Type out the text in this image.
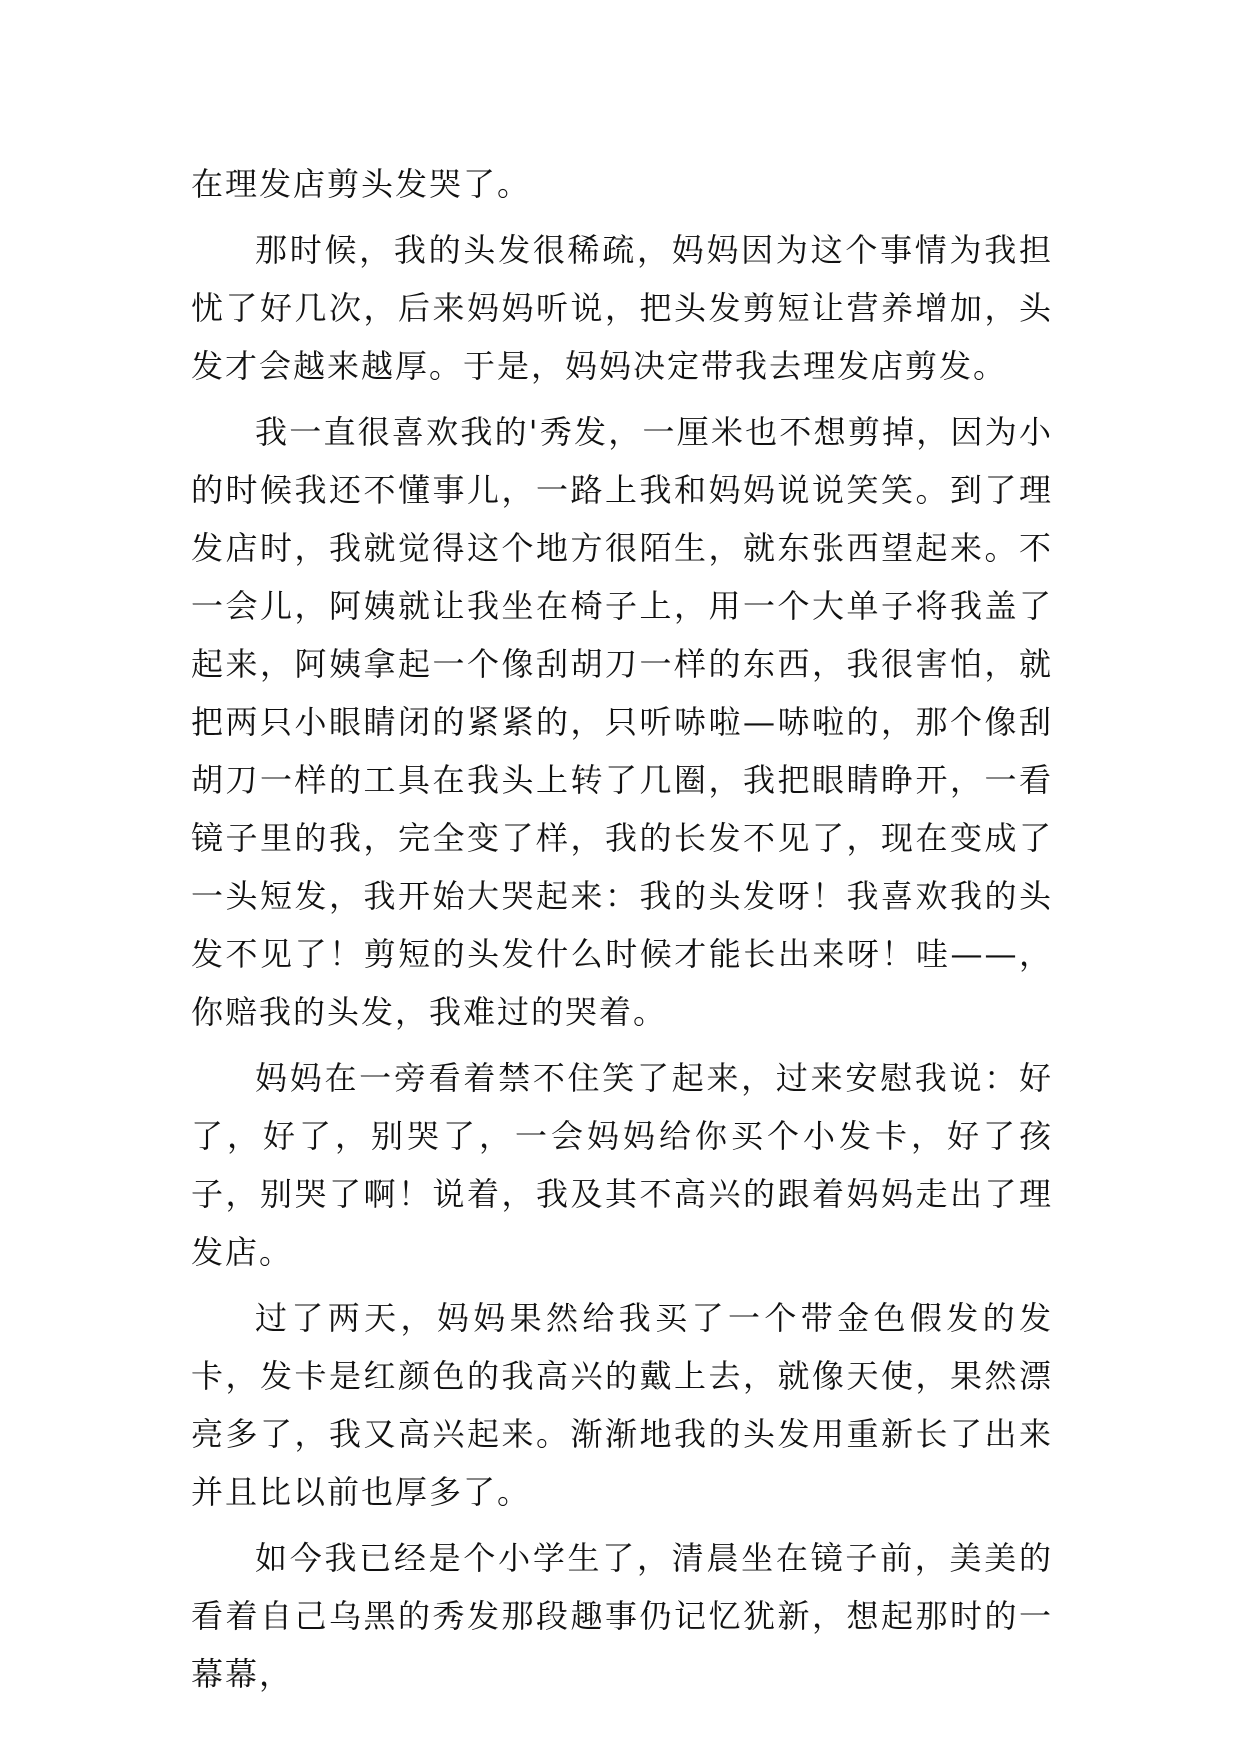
在理发店剪头发哭了。

那时候，我的头发很稀疏，妈妈因为这个事情为我担忧了好几次，后来妈妈听说，把头发剪短让营养增加，头发才会越来越厚。于是，妈妈决定带我去理发店剪发。

我一直很喜欢我的'秀发，一厘米也不想剪掉，因为小的时候我还不懂事儿，一路上我和妈妈说说笑笑。到了理发店时，我就觉得这个地方很陌生，就东张西望起来。不一会儿，阿姨就让我坐在椅子上，用一个大单子将我盖了起来，阿姨拿起一个像刮胡刀一样的东西，我很害怕，就把两只小眼睛闭的紧紧的，只听哧啦—哧啦的，那个像刮胡刀一样的工具在我头上转了几圈，我把眼睛睁开，一看镜子里的我，完全变了样，我的长发不见了，现在变成了一头短发，我开始大哭起来：我的头发呀！我喜欢我的头发不见了！剪短的头发什么时候才能长出来呀！哇——，你赔我的头发，我难过的哭着。

妈妈在一旁看着禁不住笑了起来，过来安慰我说：好了，好了，别哭了，一会妈妈给你买个小发卡，好了孩子，别哭了啊！说着，我及其不高兴的跟着妈妈走出了理发店。

过了两天，妈妈果然给我买了一个带金色假发的发卡，发卡是红颜色的我高兴的戴上去，就像天使，果然漂亮多了，我又高兴起来。渐渐地我的头发用重新长了出来并且比以前也厚多了。

如今我已经是个小学生了，清晨坐在镜子前，美美的看着自己乌黑的秀发那段趣事仍记忆犹新，想起那时的一幕幕，
